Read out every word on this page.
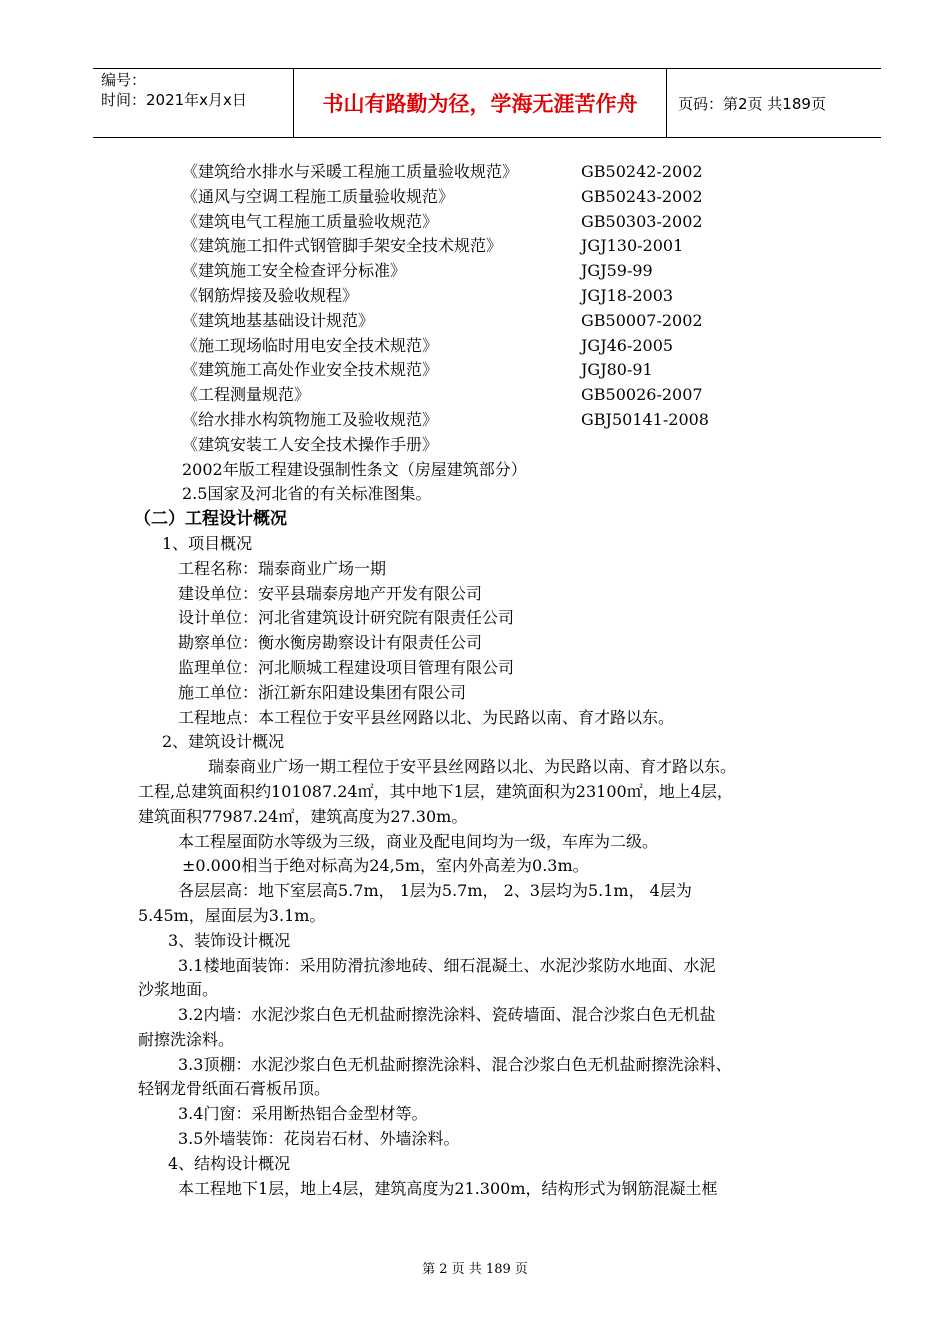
编号：
时间：2021年x月x日	书山有路勤为径，学海无涯苦作舟	页码：第2页 共189页
《建筑给水排水与采暖工程施工质量验收规范》	GB50242-2002
《通风与空调工程施工质量验收规范》	GB50243-2002
《建筑电气工程施工质量验收规范》	GB50303-2002
《建筑施工扣件式钢管脚手架安全技术规范》	JGJ130-2001
《建筑施工安全检查评分标准》	JGJ59-99
《钢筋焊接及验收规程》	JGJ18-2003
《建筑地基基础设计规范》	GB50007-2002
《施工现场临时用电安全技术规范》	JGJ46-2005
《建筑施工高处作业安全技术规范》	JGJ80-91
《工程测量规范》	GB50026-2007
《给水排水构筑物施工及验收规范》	GBJ50141-2008
《建筑安装工人安全技术操作手册》
2002年版工程建设强制性条文（房屋建筑部分）
2.5国家及河北省的有关标准图集。
（二）工程设计概况
1、项目概况
工程名称：瑞泰商业广场一期
建设单位：安平县瑞泰房地产开发有限公司
设计单位：河北省建筑设计研究院有限责任公司
勘察单位：衡水衡房勘察设计有限责任公司
监理单位：河北顺城工程建设项目管理有限公司
施工单位：浙江新东阳建设集团有限公司
工程地点：本工程位于安平县丝网路以北、为民路以南、育才路以东。
2、建筑设计概况
瑞泰商业广场一期工程位于安平县丝网路以北、为民路以南、育才路以东。
工程,总建筑面积约101087.24㎡，其中地下1层，建筑面积为23100㎡，地上4层，
建筑面积77987.24㎡，建筑高度为27.30m。
本工程屋面防水等级为三级，商业及配电间均为一级，车库为二级。
±0.000相当于绝对标高为24,5m，室内外高差为0.3m。
各层层高：地下室层高5.7m， 1层为5.7m， 2、3层均为5.1m， 4层为
5.45m，屋面层为3.1m。
3、装饰设计概况
3.1楼地面装饰：采用防滑抗渗地砖、细石混凝土、水泥沙浆防水地面、水泥
沙浆地面。
3.2内墙：水泥沙浆白色无机盐耐擦洗涂料、瓷砖墙面、混合沙浆白色无机盐
耐擦洗涂料。
3.3顶棚：水泥沙浆白色无机盐耐擦洗涂料、混合沙浆白色无机盐耐擦洗涂料、
轻钢龙骨纸面石膏板吊顶。
3.4门窗：采用断热铝合金型材等。
3.5外墙装饰：花岗岩石材、外墙涂料。
4、结构设计概况
本工程地下1层，地上4层，建筑高度为21.300m，结构形式为钢筋混凝土框
第 2 页 共 189 页
